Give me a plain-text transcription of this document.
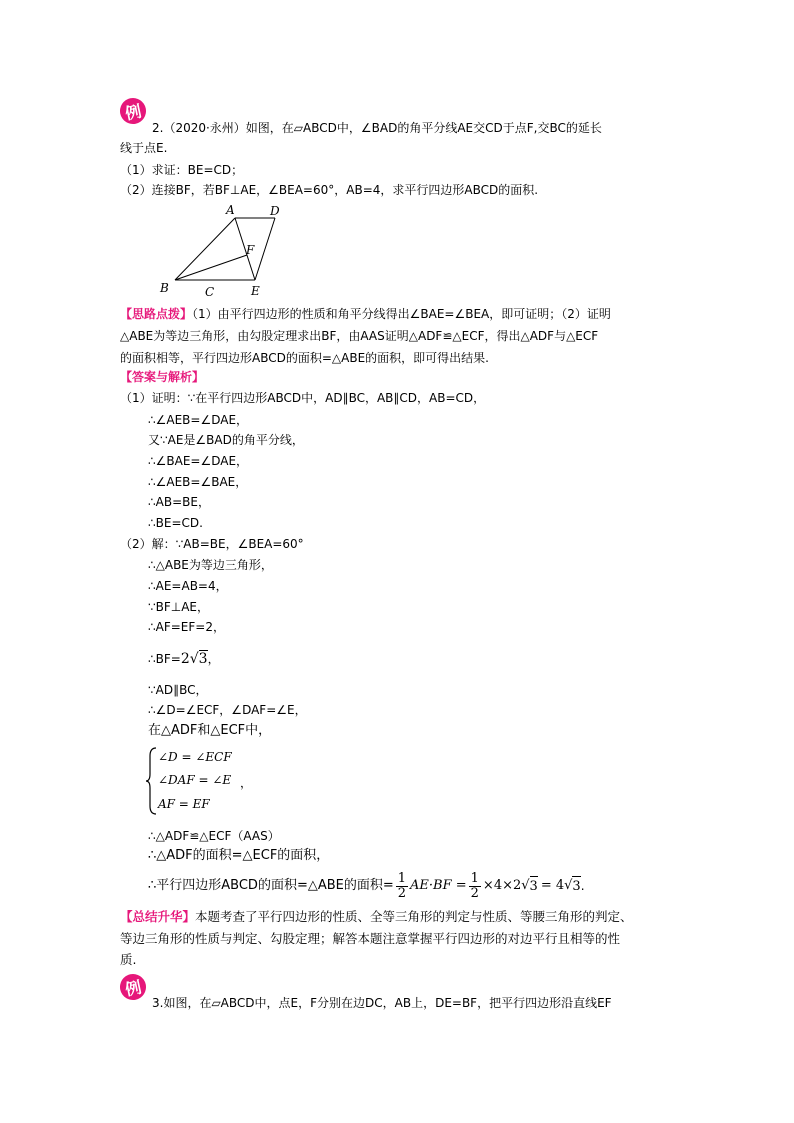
例
2.（2020·永州）如图，在▱ABCD中，∠BAD的角平分线AE交CD于点F,交BC的延长
线于点E.
（1）求证：BE=CD；
（2）连接BF，若BF⊥AE，∠BEA=60°，AB=4，求平行四边形ABCD的面积.
A	D
F
B	C	E
【思路点拨】（1）由平行四边形的性质和角平分线得出∠BAE=∠BEA，即可证明；（2）证明
△ABE为等边三角形，由勾股定理求出BF，由AAS证明△ADF≌△ECF，得出△ADF与△ECF
的面积相等，平行四边形ABCD的面积=△ABE的面积，即可得出结果.
【答案与解析】
（1）证明：∵在平行四边形ABCD中，AD∥BC，AB∥CD，AB=CD，
∴∠AEB=∠DAE，
又∵AE是∠BAD的角平分线，
∴∠BAE=∠DAE，
∴∠AEB=∠BAE，
∴AB=BE，
∴BE=CD.
（2）解：∵AB=BE，∠BEA=60°
∴△ABE为等边三角形，
∴AE=AB=4，
∵BF⊥AE，
∴AF=EF=2，
∴BF=2√3，
∵AD∥BC，
∴∠D=∠ECF，∠DAF=∠E，
在△ADF和△ECF中，
∠D = ∠ECF
∠DAF = ∠E ，
AF = EF
∴△ADF≌△ECF（AAS）
∴△ADF的面积=△ECF的面积，
∴平行四边形ABCD的面积=△ABE的面积= $\frac{1}{2} AE\cdot BF = \frac{1}{2} \times 4\times 2$ √ 3 = 4 √ 3 .
【总结升华】本题考查了平行四边形的性质、全等三角形的判定与性质、等腰三角形的判定、
等边三角形的性质与判定、勾股定理；解答本题注意掌握平行四边形的对边平行且相等的性
质.
例
3.如图，在▱ABCD中，点E，F分别在边DC，AB上，DE=BF，把平行四边形沿直线EF
